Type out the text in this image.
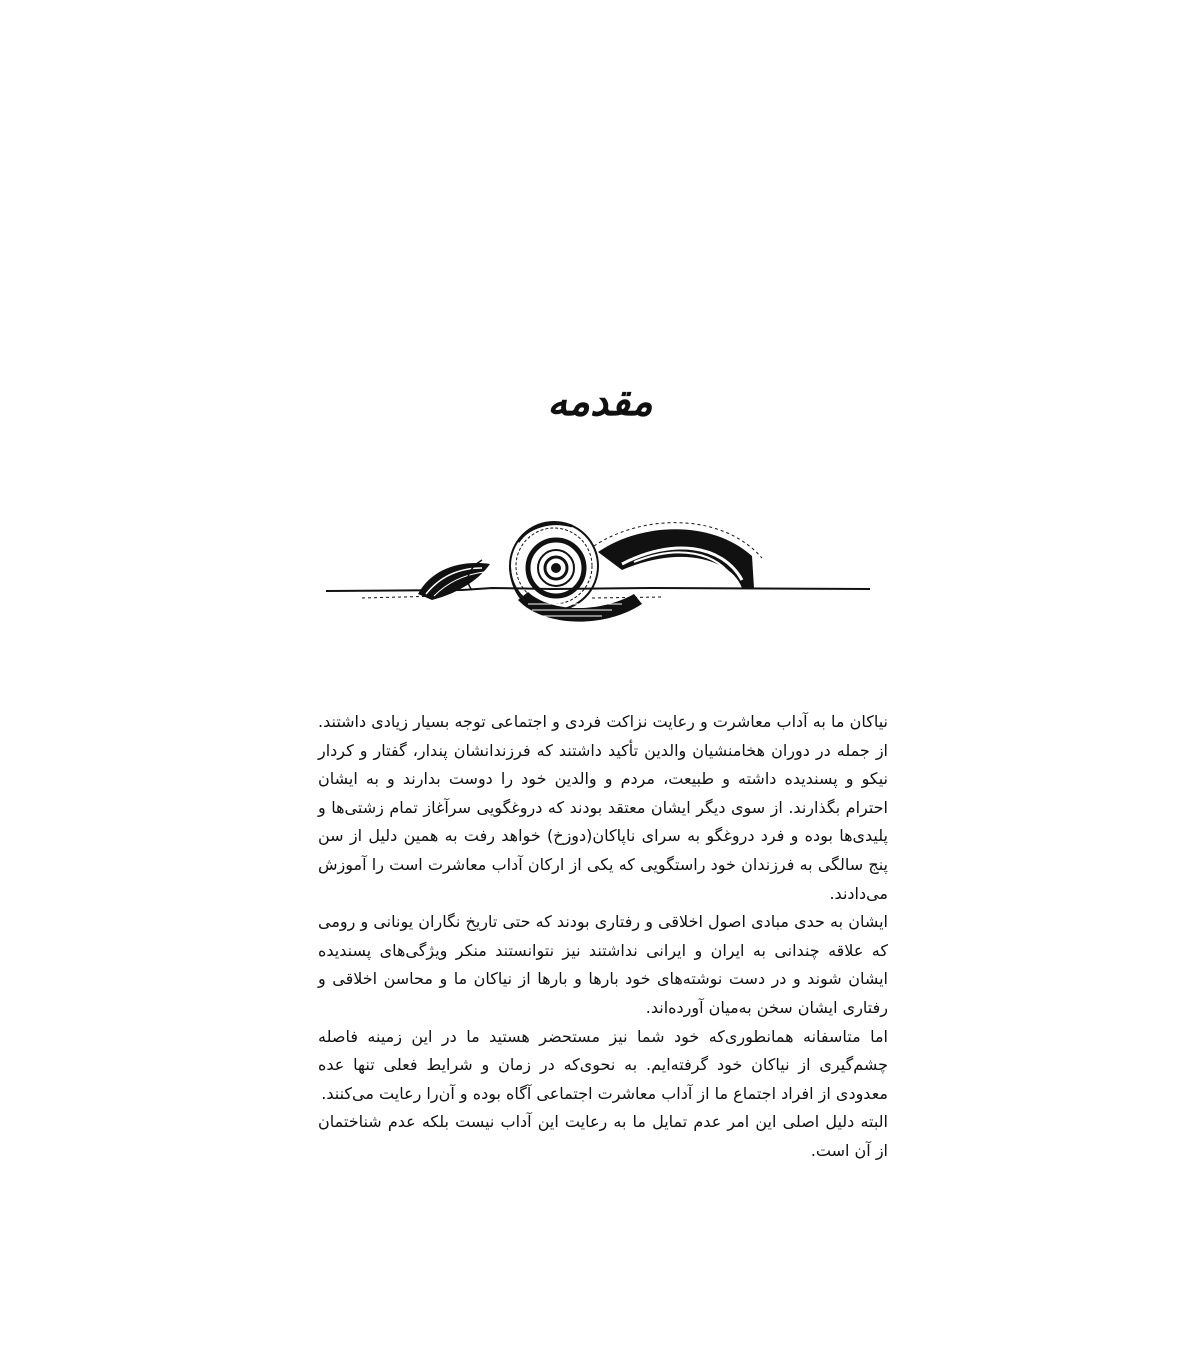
مقدمه

نیاکان ما به آداب معاشرت و رعایت نزاکت فردی و اجتماعی توجه بسیار زیادی داشتند. از جمله در دوران هخامنشیان والدین تأکید داشتند که فرزندانشان پندار، گفتار و کردار نیکو و پسندیده داشته و طبیعت، مردم و والدین خود را دوست بدارند و به ایشان احترام بگذارند. از سوی دیگر ایشان معتقد بودند که دروغگویی سرآغاز تمام زشتی‌ها و پلیدی‌ها بوده و فرد دروغگو به سرای ناپاکان(دوزخ) خواهد رفت به همین دلیل از سن پنج سالگی به فرزندان خود راستگویی که یکی از ارکان آداب معاشرت است را آموزش می‌دادند.

ایشان به حدی مبادی اصول اخلاقی و رفتاری بودند که حتی تاریخ نگاران یونانی و رومی که علاقه چندانی به ایران و ایرانی نداشتند نیز نتوانستند منکر ویژگی‌های پسندیده ایشان شوند و در دست نوشته‌های خود بارها و بارها از نیاکان ما و محاسن اخلاقی و رفتاری ایشان سخن به‌میان آورده‌اند.

اما متاسفانه همانطوری‌که خود شما نیز مستحضر هستید ما در این زمینه فاصله چشم‌گیری از نیاکان خود گرفته‌ایم. به نحوی‌که در زمان و شرایط فعلی تنها عده معدودی از افراد اجتماع ما از آداب معاشرت اجتماعی آگاه بوده و آن‌را رعایت می‌کنند.

البته دلیل اصلی این امر عدم تمایل ما به رعایت این آداب نیست بلکه عدم شناختمان از آن است.
